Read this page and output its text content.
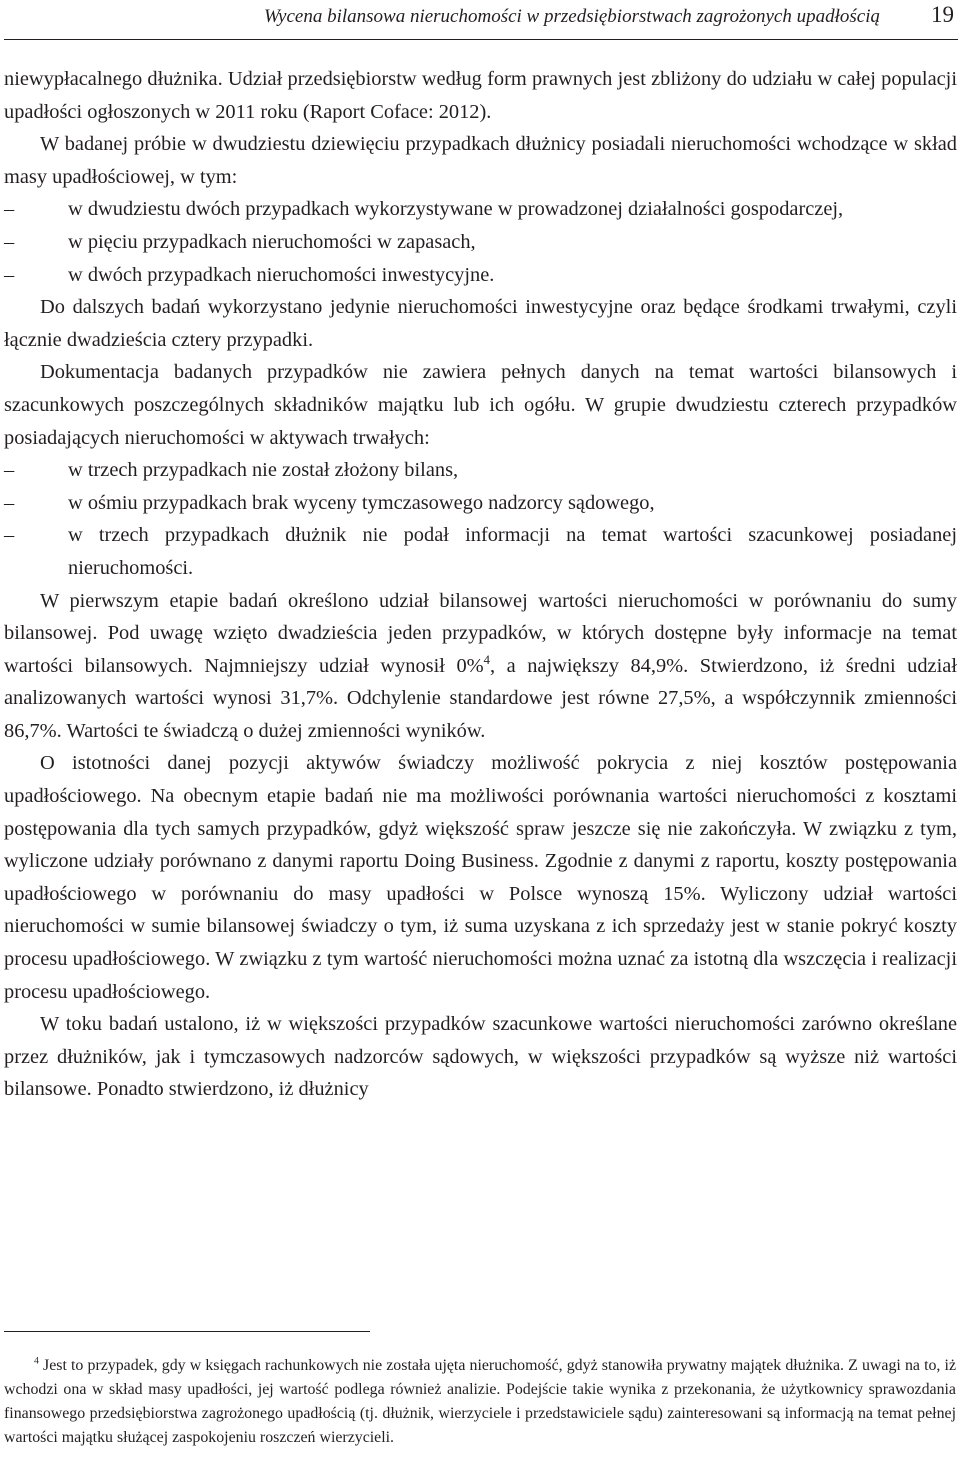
Wycena bilansowa nieruchomości w przedsiębiorstwach zagrożonych upadłością 19

niewypłacalnego dłużnika. Udział przedsiębiorstw według form prawnych jest zbliżony do udziału w całej populacji upadłości ogłoszonych w 2011 roku (Raport Coface: 2012).

W badanej próbie w dwudziestu dziewięciu przypadkach dłużnicy posiadali nieruchomości wchodzące w skład masy upadłościowej, w tym:

–	w dwudziestu dwóch przypadkach wykorzystywane w prowadzonej działalności gospodarczej,
–	w pięciu przypadkach nieruchomości w zapasach,
–	w dwóch przypadkach nieruchomości inwestycyjne.

Do dalszych badań wykorzystano jedynie nieruchomości inwestycyjne oraz będące środkami trwałymi, czyli łącznie dwadzieścia cztery przypadki.

Dokumentacja badanych przypadków nie zawiera pełnych danych na temat wartości bilansowych i szacunkowych poszczególnych składników majątku lub ich ogółu. W grupie dwudziestu czterech przypadków posiadających nieruchomości w aktywach trwałych:

–	w trzech przypadkach nie został złożony bilans,
–	w ośmiu przypadkach brak wyceny tymczasowego nadzorcy sądowego,
–	w trzech przypadkach dłużnik nie podał informacji na temat wartości szacunkowej posiadanej nieruchomości.

W pierwszym etapie badań określono udział bilansowej wartości nieruchomości w porównaniu do sumy bilansowej. Pod uwagę wzięto dwadzieścia jeden przypadków, w których dostępne były informacje na temat wartości bilansowych. Najmniejszy udział wynosił 0%$^4$, a największy 84,9%. Stwierdzono, iż średni udział analizowanych wartości wynosi 31,7%. Odchylenie standardowe jest równe 27,5%, a współczynnik zmienności 86,7%. Wartości te świadczą o dużej zmienności wyników.

O istotności danej pozycji aktywów świadczy możliwość pokrycia z niej kosztów postępowania upadłościowego. Na obecnym etapie badań nie ma możliwości porównania wartości nieruchomości z kosztami postępowania dla tych samych przypadków, gdyż większość spraw jeszcze się nie zakończyła. W związku z tym, wyliczone udziały porównano z danymi raportu Doing Business. Zgodnie z danymi z raportu, koszty postępowania upadłościowego w porównaniu do masy upadłości w Polsce wynoszą 15%. Wyliczony udział wartości nieruchomości w sumie bilansowej świadczy o tym, iż suma uzyskana z ich sprzedaży jest w stanie pokryć koszty procesu upadłościowego. W związku z tym wartość nieruchomości można uznać za istotną dla wszczęcia i realizacji procesu upadłościowego.

W toku badań ustalono, iż w większości przypadków szacunkowe wartości nieruchomości zarówno określane przez dłużników, jak i tymczasowych nadzorców sądowych, w większości przypadków są wyższe niż wartości bilansowe. Ponadto stwierdzono, iż dłużnicy

$^4$ Jest to przypadek, gdy w księgach rachunkowych nie została ujęta nieruchomość, gdyż stanowiła prywatny majątek dłużnika. Z uwagi na to, iż wchodzi ona w skład masy upadłości, jej wartość podlega również analizie. Podejście takie wynika z przekonania, że użytkownicy sprawozdania finansowego przedsiębiorstwa zagrożonego upadłością (tj. dłużnik, wierzyciele i przedstawiciele sądu) zainteresowani są informacją na temat pełnej wartości majątku służącej zaspokojeniu roszczeń wierzycieli.
